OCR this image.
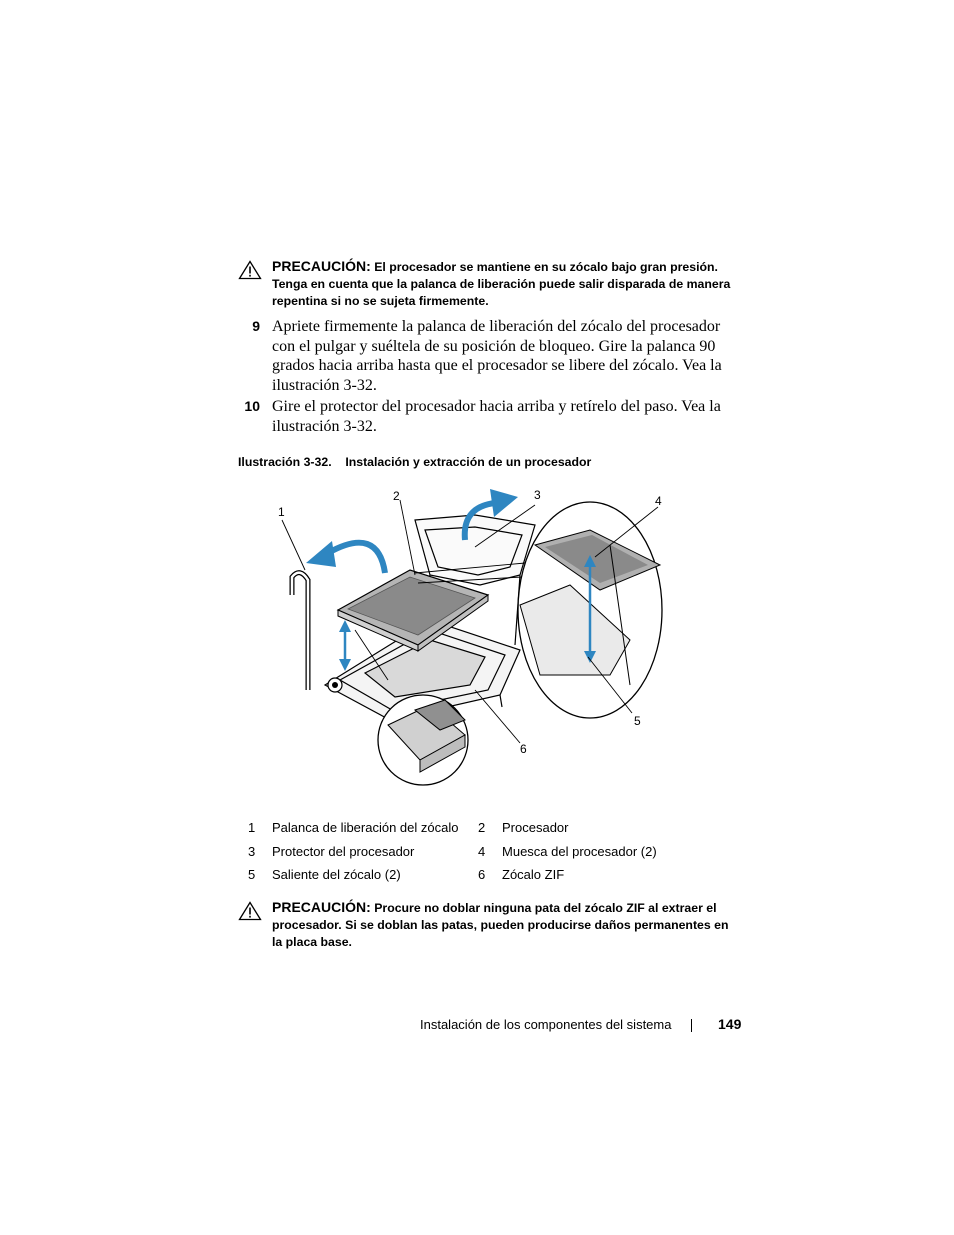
PRECAUCIÓN: El procesador se mantiene en su zócalo bajo gran presión. Tenga en cuenta que la palanca de liberación puede salir disparada de manera repentina si no se sujeta firmemente.
9 Apriete firmemente la palanca de liberación del zócalo del procesador con el pulgar y suéltela de su posición de bloqueo. Gire la palanca 90 grados hacia arriba hasta que el procesador se libere del zócalo. Vea la ilustración 3-32.
10 Gire el protector del procesador hacia arriba y retírelo del paso. Vea la ilustración 3-32.
Ilustración 3-32. Instalación y extracción de un procesador
1
2	3	4
5
6
1	Palanca de liberación del zócalo	2	Procesador
3	Protector del procesador	4	Muesca del procesador (2)
5	Saliente del zócalo (2)	6	Zócalo ZIF
PRECAUCIÓN: Procure no doblar ninguna pata del zócalo ZIF al extraer el procesador. Si se doblan las patas, pueden producirse daños permanentes en la placa base.
Instalación de los componentes del sistema	149
